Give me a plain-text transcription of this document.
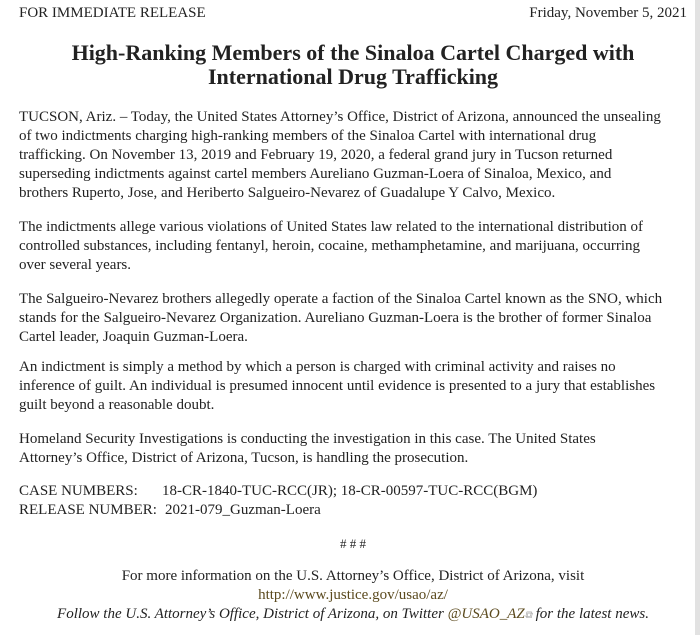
FOR IMMEDIATE RELEASE	Friday, November 5, 2021
High-Ranking Members of the Sinaloa Cartel Charged with
International Drug Trafficking
TUCSON, Ariz. – Today, the United States Attorney’s Office, District of Arizona, announced the unsealing
of two indictments charging high-ranking members of the Sinaloa Cartel with international drug
trafficking. On November 13, 2019 and February 19, 2020, a federal grand jury in Tucson returned
superseding indictments against cartel members Aureliano Guzman-Loera of Sinaloa, Mexico, and
brothers Ruperto, Jose, and Heriberto Salgueiro-Nevarez of Guadalupe Y Calvo, Mexico.
The indictments allege various violations of United States law related to the international distribution of
controlled substances, including fentanyl, heroin, cocaine, methamphetamine, and marijuana, occurring
over several years.
The Salgueiro-Nevarez brothers allegedly operate a faction of the Sinaloa Cartel known as the SNO, which
stands for the Salgueiro-Nevarez Organization. Aureliano Guzman-Loera is the brother of former Sinaloa
Cartel leader, Joaquin Guzman-Loera.
An indictment is simply a method by which a person is charged with criminal activity and raises no
inference of guilt. An individual is presumed innocent until evidence is presented to a jury that establishes
guilt beyond a reasonable doubt.
Homeland Security Investigations is conducting the investigation in this case. The United States
Attorney’s Office, District of Arizona, Tucson, is handling the prosecution.
CASE NUMBERS: 18-CR-1840-TUC-RCC(JR); 18-CR-00597-TUC-RCC(BGM)
RELEASE NUMBER: 2021-079_Guzman-Loera
# # #
For more information on the U.S. Attorney’s Office, District of Arizona, visit
http://www.justice.gov/usao/az/
Follow the U.S. Attorney’s Office, District of Arizona, on Twitter @USAO_AZ⧉ for the latest news.
